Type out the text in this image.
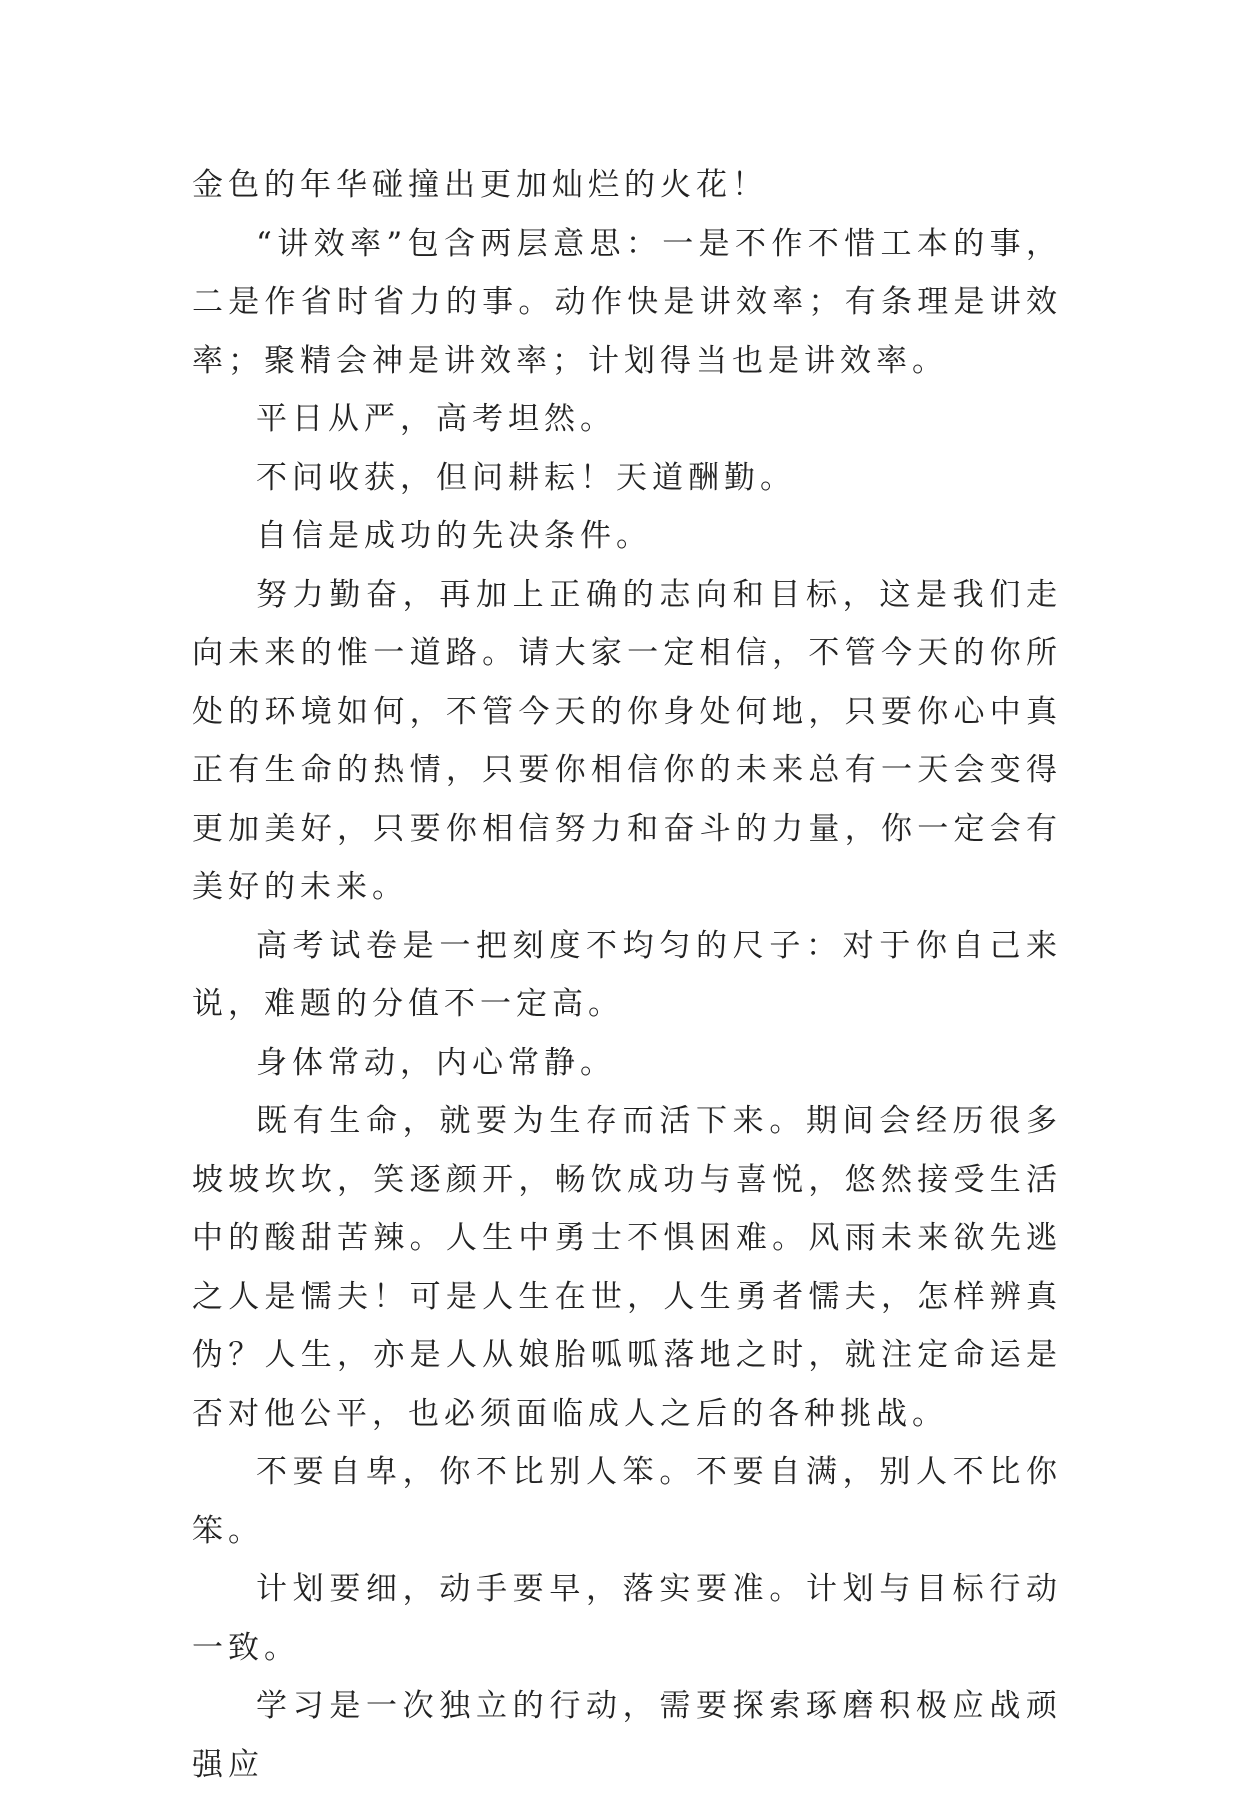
金色的年华碰撞出更加灿烂的火花！

“讲效率”包含两层意思：一是不作不惜工本的事，二是作省时省力的事。动作快是讲效率；有条理是讲效率；聚精会神是讲效率；计划得当也是讲效率。

平日从严，高考坦然。

不问收获，但问耕耘！天道酬勤。

自信是成功的先决条件。

努力勤奋，再加上正确的志向和目标，这是我们走向未来的惟一道路。请大家一定相信，不管今天的你所处的环境如何，不管今天的你身处何地，只要你心中真正有生命的热情，只要你相信你的未来总有一天会变得更加美好，只要你相信努力和奋斗的力量，你一定会有美好的未来。

高考试卷是一把刻度不均匀的尺子：对于你自己来说，难题的分值不一定高。

身体常动，内心常静。

既有生命，就要为生存而活下来。期间会经历很多坡坡坎坎，笑逐颜开，畅饮成功与喜悦，悠然接受生活中的酸甜苦辣。人生中勇士不惧困难。风雨未来欲先逃之人是懦夫！可是人生在世，人生勇者懦夫，怎样辨真伪？人生，亦是人从娘胎呱呱落地之时，就注定命运是否对他公平，也必须面临成人之后的各种挑战。

不要自卑，你不比别人笨。不要自满，别人不比你笨。

计划要细，动手要早，落实要准。计划与目标行动一致。

学习是一次独立的行动，需要探索琢磨积极应战顽强应
